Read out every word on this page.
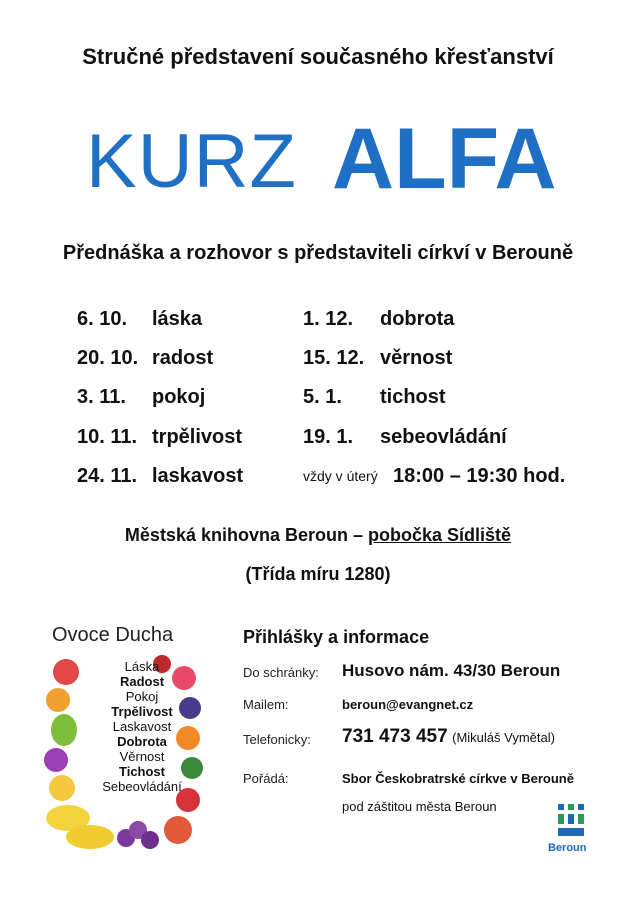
Stručné představení současného křesťanství
KURZ ALFA
Přednáška a rozhovor s představiteli církví v Berouně
6. 10. láska
20. 10. radost
3. 11. pokoj
10. 11. trpělivost
24. 11. laskavost
1. 12. dobrota
15. 12. věrnost
5. 1. tichost
19. 1. sebeovládání
vždy v úterý 18:00 – 19:30 hod.
Městská knihovna Beroun – pobočka Sídliště
(Třída míru 1280)
Ovoce Ducha
Láska
Radost
Pokoj
Trpělivost
Laskavost
Dobrota
Věrnost
Tichost
Sebeovládání
Přihlášky a informace
Do schránky: Husovo nám. 43/30 Beroun
Mailem:	beroun@evangnet.cz
Telefonicky: 731 473 457 (Mikuláš Vymětal)
Pořádá:	Sbor Českobratrské církve v Berouně
pod záštitou města Beroun
Beroun
